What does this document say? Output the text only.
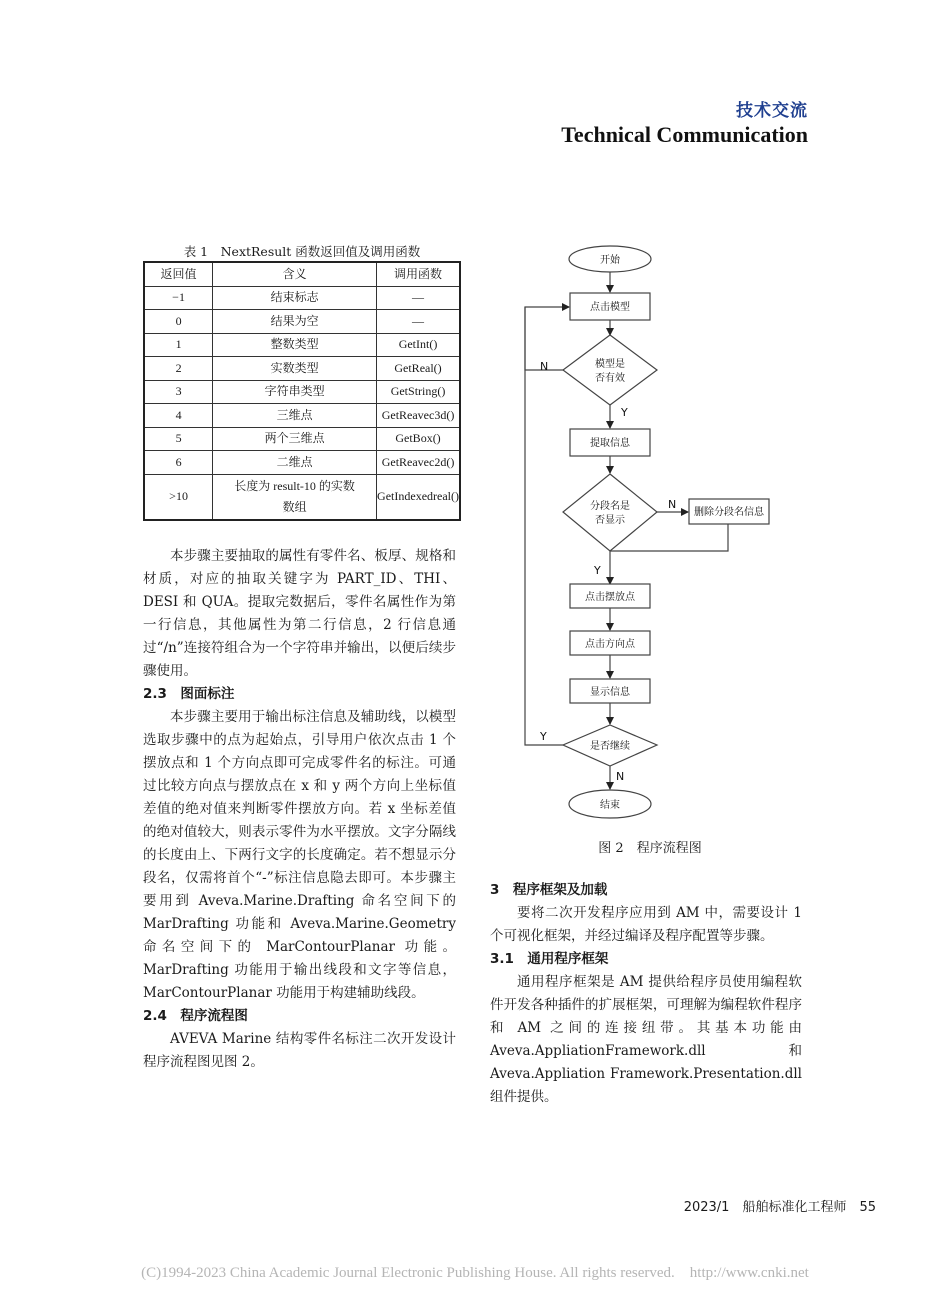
技术交流
Technical Communication
表 1　NextResult 函数返回值及调用函数
返回值	含义	调用函数
−1	结束标志	—
0	结果为空	—
1	整数类型	GetInt()
2	实数类型	GetReal()
3	字符串类型	GetString()
4	三维点	GetReavec3d()
5	两个三维点	GetBox()
6	二维点	GetReavec2d()
>10	长度为 result-10 的实数数组	GetIndexedreal()

本步骤主要抽取的属性有零件名、板厚、规格和材质，对应的抽取关键字为 PART_ID、THI、DESI 和 QUA。提取完数据后，零件名属性作为第一行信息，其他属性为第二行信息，2 行信息通过“/n”连接符组合为一个字符串并输出，以便后续步骤使用。

2.3　图面标注

本步骤主要用于输出标注信息及辅助线，以模型选取步骤中的点为起始点，引导用户依次点击 1 个摆放点和 1 个方向点即可完成零件名的标注。可通过比较方向点与摆放点在 x 和 y 两个方向上坐标值差值的绝对值来判断零件摆放方向。若 x 坐标差值的绝对值较大，则表示零件为水平摆放。文字分隔线的长度由上、下两行文字的长度确定。若不想显示分段名，仅需将首个“-”标注信息隐去即可。本步骤主要用到 Aveva.Marine.Drafting 命名空间下的 MarDrafting 功能和 Aveva.Marine.Geometry 命名空间下的 MarContourPlanar 功能。MarDrafting 功能用于输出线段和文字等信息，MarContourPlanar 功能用于构建辅助线段。

2.4　程序流程图

AVEVA Marine 结构零件名标注二次开发设计程序流程图见图 2。

开始
点击模型
模型是
否有效
提取信息
分段名是
否显示
删除分段名信息
点击摆放点
点击方向点
显示信息
是否继续
结束
N
Y
N
Y
Y
N
图 2　程序流程图
3　程序框架及加载

要将二次开发程序应用到 AM 中，需要设计 1 个可视化框架，并经过编译及程序配置等步骤。

3.1　通用程序框架

通用程序框架是 AM 提供给程序员使用编程软件开发各种插件的扩展框架，可理解为编程软件程序和 AM 之间的连接纽带。其基本功能由 Aveva.AppliationFramework.dll 和 Aveva.Appliation Framework.Presentation.dll 组件提供。

2023/1　船舶标准化工程师　55
(C)1994-2023 China Academic Journal Electronic Publishing House. All rights reserved.　http://www.cnki.net
